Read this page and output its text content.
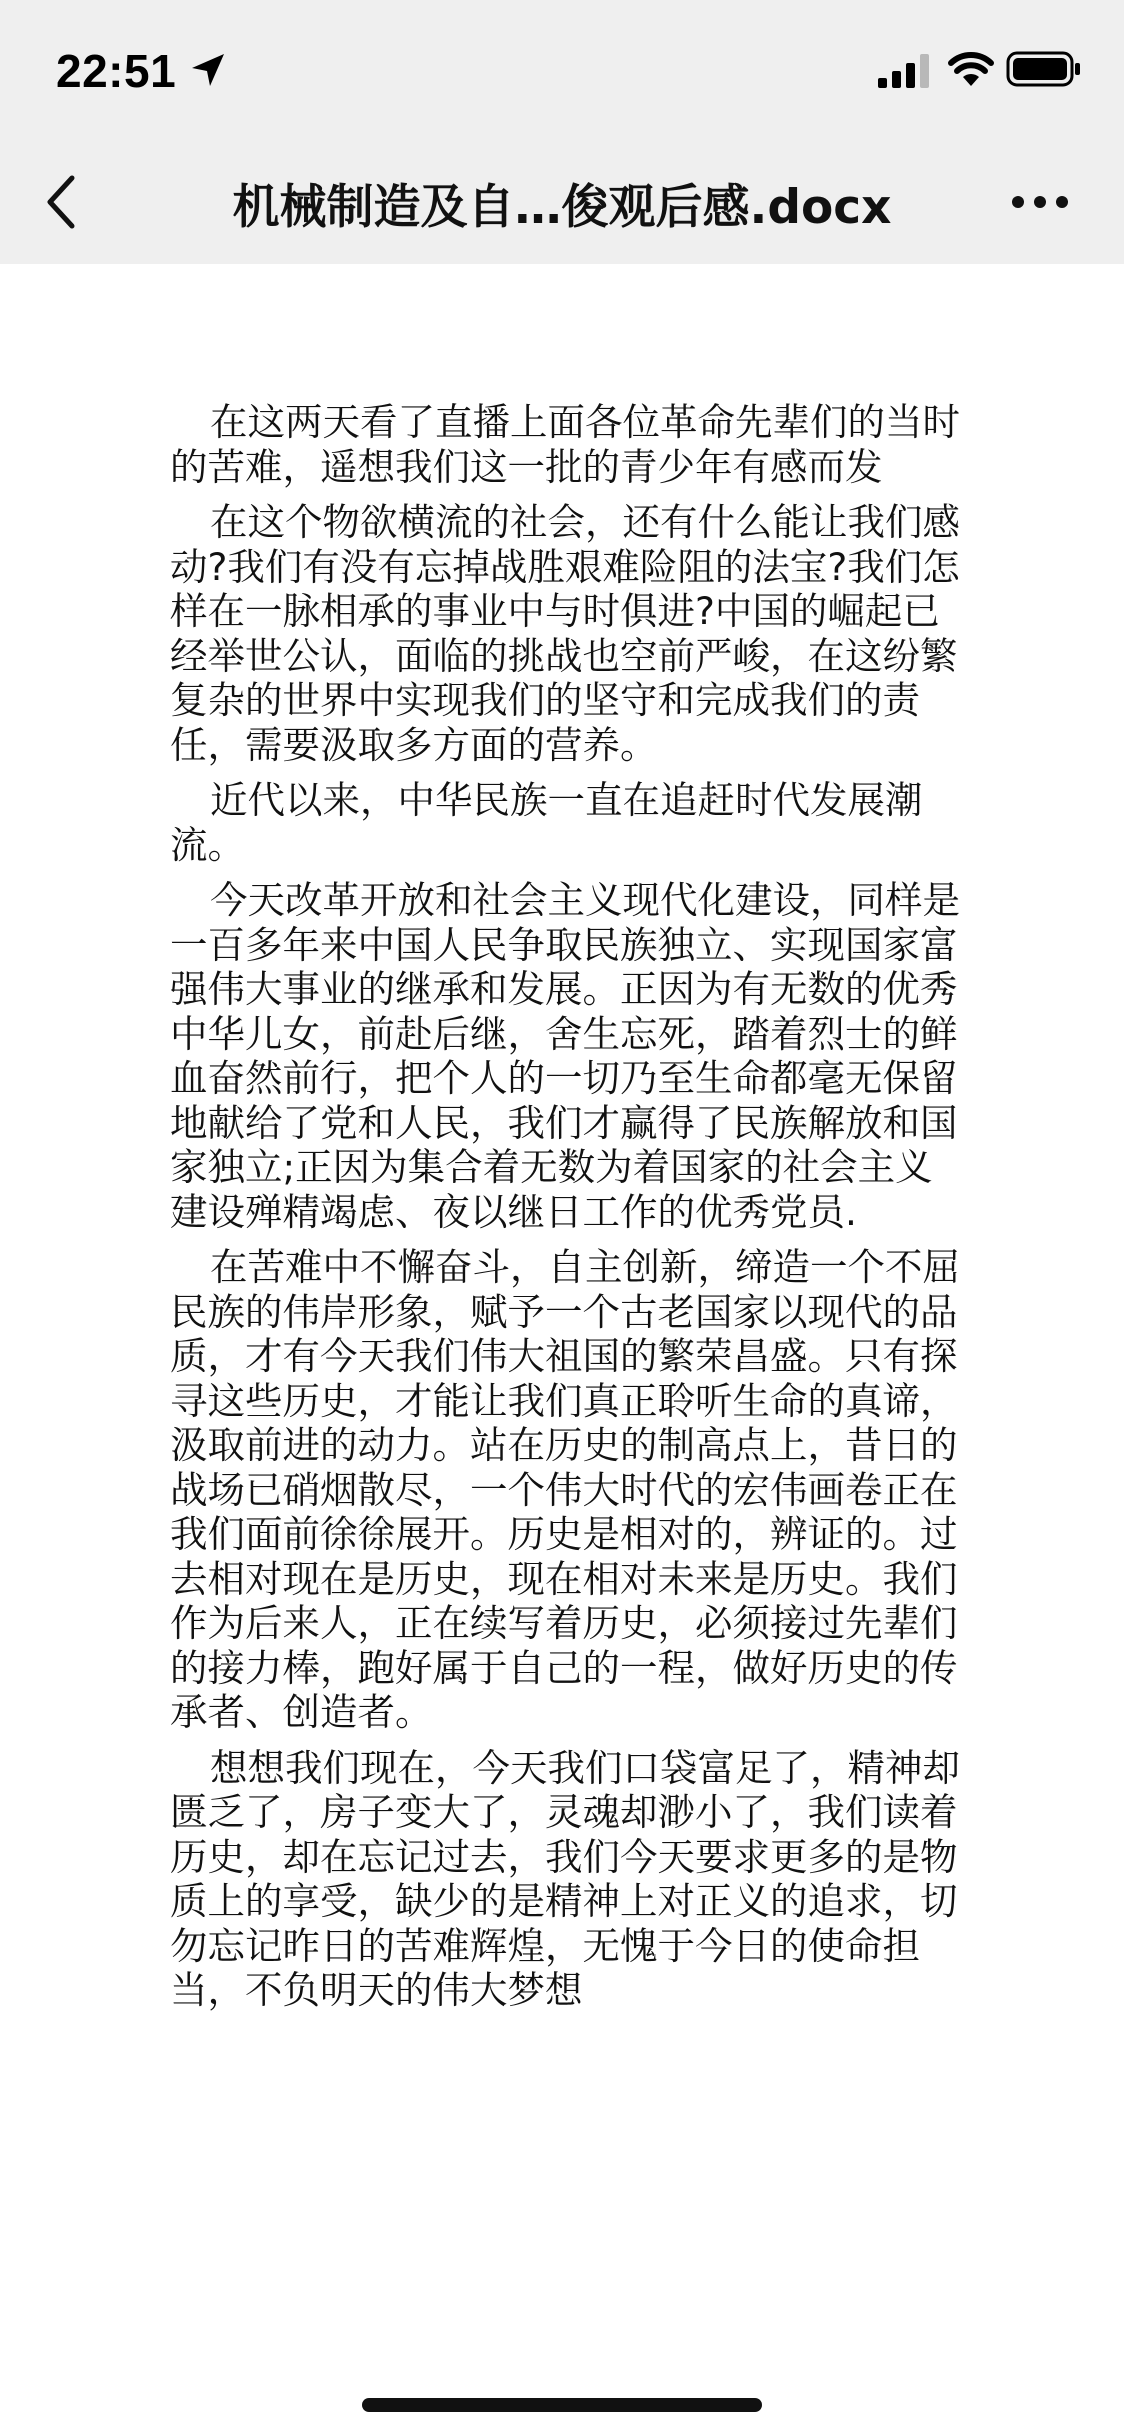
22:51
机械制造及自…俊观后感.docx

在这两天看了直播上面各位革命先辈们的当时的苦难，遥想我们这一批的青少年有感而发

在这个物欲横流的社会，还有什么能让我们感动?我们有没有忘掉战胜艰难险阻的法宝?我们怎样在一脉相承的事业中与时俱进?中国的崛起已经举世公认，面临的挑战也空前严峻，在这纷繁复杂的世界中实现我们的坚守和完成我们的责任，需要汲取多方面的营养。

近代以来，中华民族一直在追赶时代发展潮流。

今天改革开放和社会主义现代化建设，同样是一百多年来中国人民争取民族独立、实现国家富强伟大事业的继承和发展。正因为有无数的优秀中华儿女，前赴后继，舍生忘死，踏着烈士的鲜血奋然前行，把个人的一切乃至生命都毫无保留地献给了党和人民，我们才赢得了民族解放和国家独立;正因为集合着无数为着国家的社会主义建设殚精竭虑、夜以继日工作的优秀党员.

在苦难中不懈奋斗，自主创新，缔造一个不屈民族的伟岸形象，赋予一个古老国家以现代的品质，才有今天我们伟大祖国的繁荣昌盛。只有探寻这些历史，才能让我们真正聆听生命的真谛，汲取前进的动力。站在历史的制高点上，昔日的战场已硝烟散尽，一个伟大时代的宏伟画卷正在我们面前徐徐展开。历史是相对的，辨证的。过去相对现在是历史，现在相对未来是历史。我们作为后来人，正在续写着历史，必须接过先辈们的接力棒，跑好属于自己的一程，做好历史的传承者、创造者。

想想我们现在，今天我们口袋富足了，精神却匮乏了，房子变大了，灵魂却渺小了，我们读着历史，却在忘记过去，我们今天要求更多的是物质上的享受，缺少的是精神上对正义的追求，切勿忘记昨日的苦难辉煌，无愧于今日的使命担当，不负明天的伟大梦想
